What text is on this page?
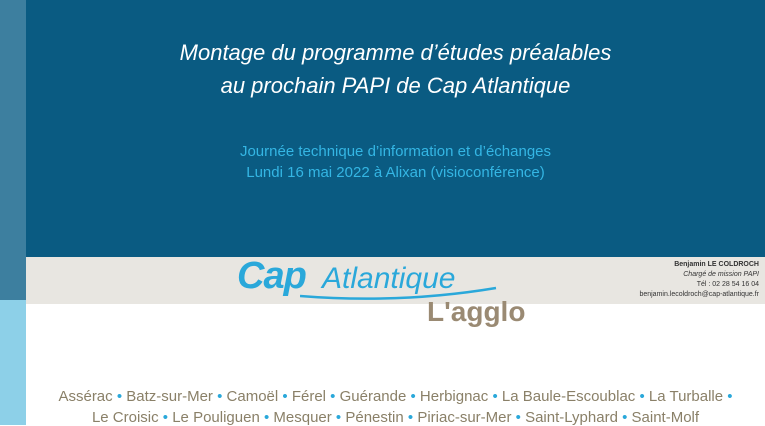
Montage du programme d’études préalables
au prochain PAPI de Cap Atlantique
Journée technique d’information et d’échanges
Lundi 16 mai 2022 à Alixan (visioconférence)
Cap Atlantique
L'agglo
Benjamin LE COLDROCH
Chargé de mission PAPI
Tél : 02 28 54 16 04
benjamin.lecoldroch@cap-atlantique.fr
Assérac • Batz-sur-Mer • Camoël • Férel • Guérande • Herbignac • La Baule-Escoublac • La Turballe •
Le Croisic • Le Pouliguen • Mesquer • Pénestin • Piriac-sur-Mer • Saint-Lyphard • Saint-Molf
